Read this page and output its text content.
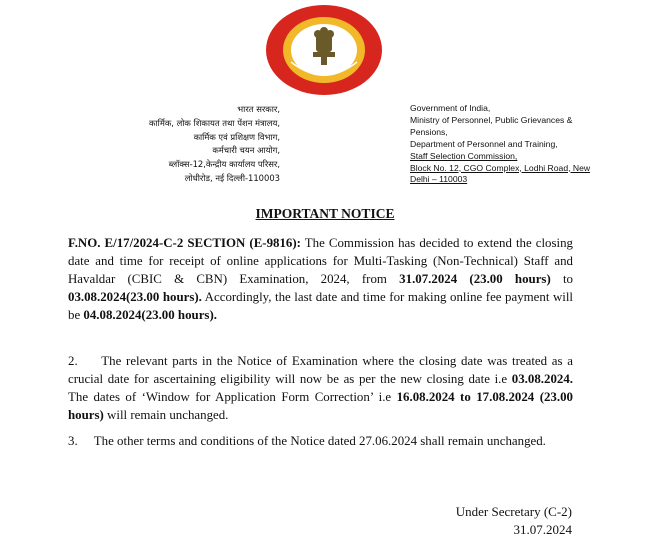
भारत सरकार,
कार्मिक, लोक शिकायत तथा पेंशन मंत्रालय,
कार्मिक एवं प्रशिक्षण विभाग,
कर्मचारी चयन आयोग,
ब्लॉक्स-12,केन्द्रीय कार्यालय परिसर,
लोधीरोड, नई दिल्ली-110003
Government of India,
Ministry of Personnel, Public Grievances &
Pensions,
Department of Personnel and Training,
Staff Selection Commission,
Block No. 12, CGO Complex, Lodhi Road, New
Delhi – 110003
IMPORTANT NOTICE
F.NO. E/17/2024-C-2 SECTION (E-9816): The Commission has decided to extend the closing date and time for receipt of online applications for Multi-Tasking (Non-Technical) Staff and Havaldar (CBIC & CBN) Examination, 2024, from 31.07.2024 (23.00 hours) to 03.08.2024(23.00 hours). Accordingly, the last date and time for making online fee payment will be 04.08.2024(23.00 hours).
2.     The relevant parts in the Notice of Examination where the closing date was treated as a crucial date for ascertaining eligibility will now be as per the new closing date i.e 03.08.2024. The dates of ‘Window for Application Form Correction’ i.e 16.08.2024 to 17.08.2024 (23.00 hours) will remain unchanged.
3.     The other terms and conditions of the Notice dated 27.06.2024 shall remain unchanged.
Under Secretary (C-2)
31.07.2024
